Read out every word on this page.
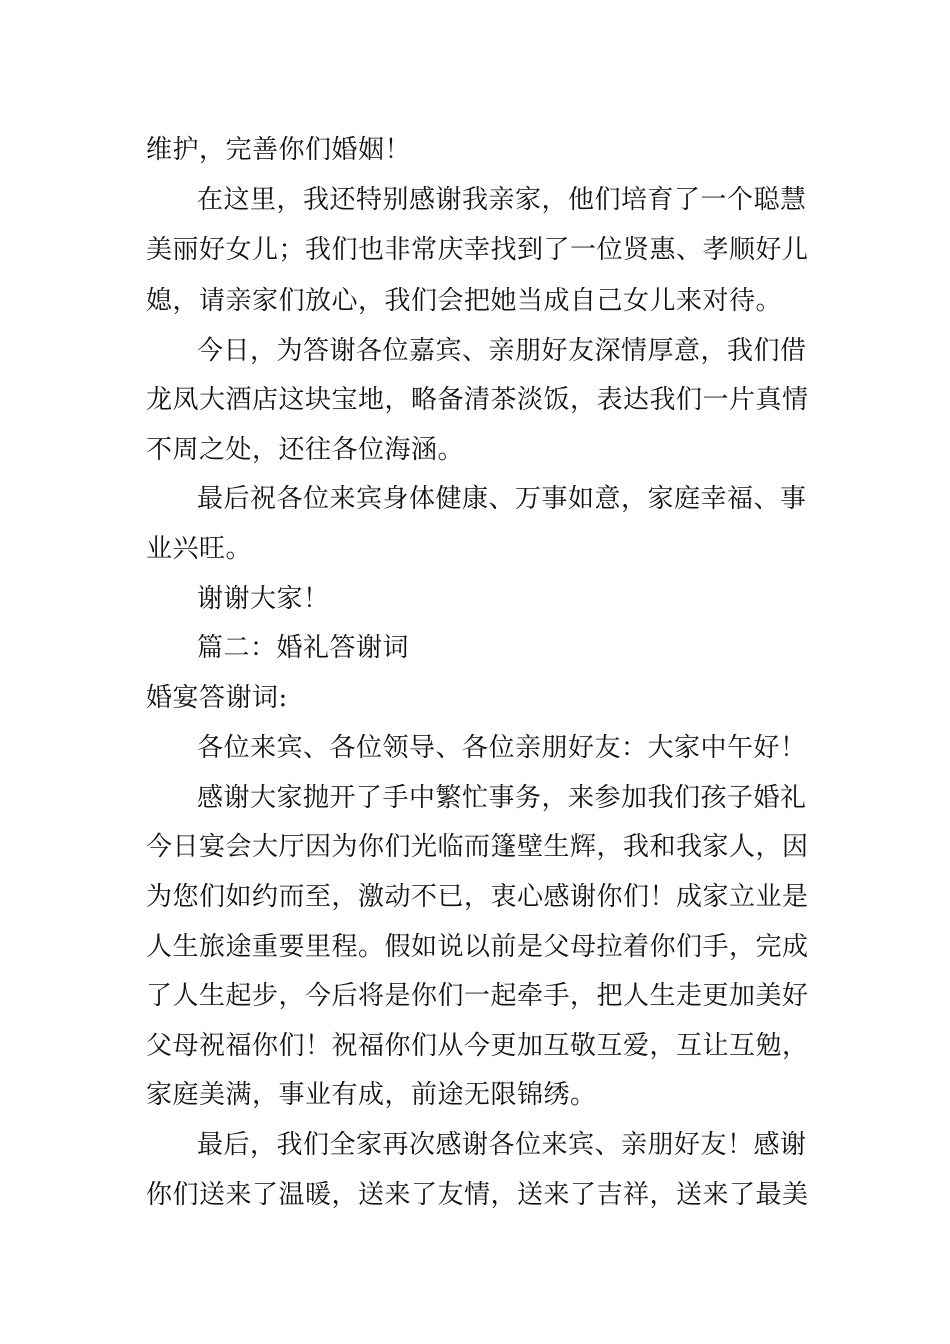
维护，完善你们婚姻！
在这里，我还特别感谢我亲家，他们培育了一个聪慧
美丽好女儿；我们也非常庆幸找到了一位贤惠、孝顺好儿
媳，请亲家们放心，我们会把她当成自己女儿来对待。
今日，为答谢各位嘉宾、亲朋好友深情厚意，我们借
龙凤大酒店这块宝地，略备清茶淡饭，表达我们一片真情
不周之处，还往各位海涵。
最后祝各位来宾身体健康、万事如意，家庭幸福、事
业兴旺。
谢谢大家！
篇二：婚礼答谢词
婚宴答谢词:
各位来宾、各位领导、各位亲朋好友：大家中午好！
感谢大家抛开了手中繁忙事务，来参加我们孩子婚礼
今日宴会大厅因为你们光临而篷壁生辉，我和我家人，因
为您们如约而至，激动不已，衷心感谢你们！成家立业是
人生旅途重要里程。假如说以前是父母拉着你们手，完成
了人生起步，今后将是你们一起牵手，把人生走更加美好
父母祝福你们！祝福你们从今更加互敬互爱，互让互勉，
家庭美满，事业有成，前途无限锦绣。
最后，我们全家再次感谢各位来宾、亲朋好友！感谢
你们送来了温暖，送来了友情，送来了吉祥，送来了最美
